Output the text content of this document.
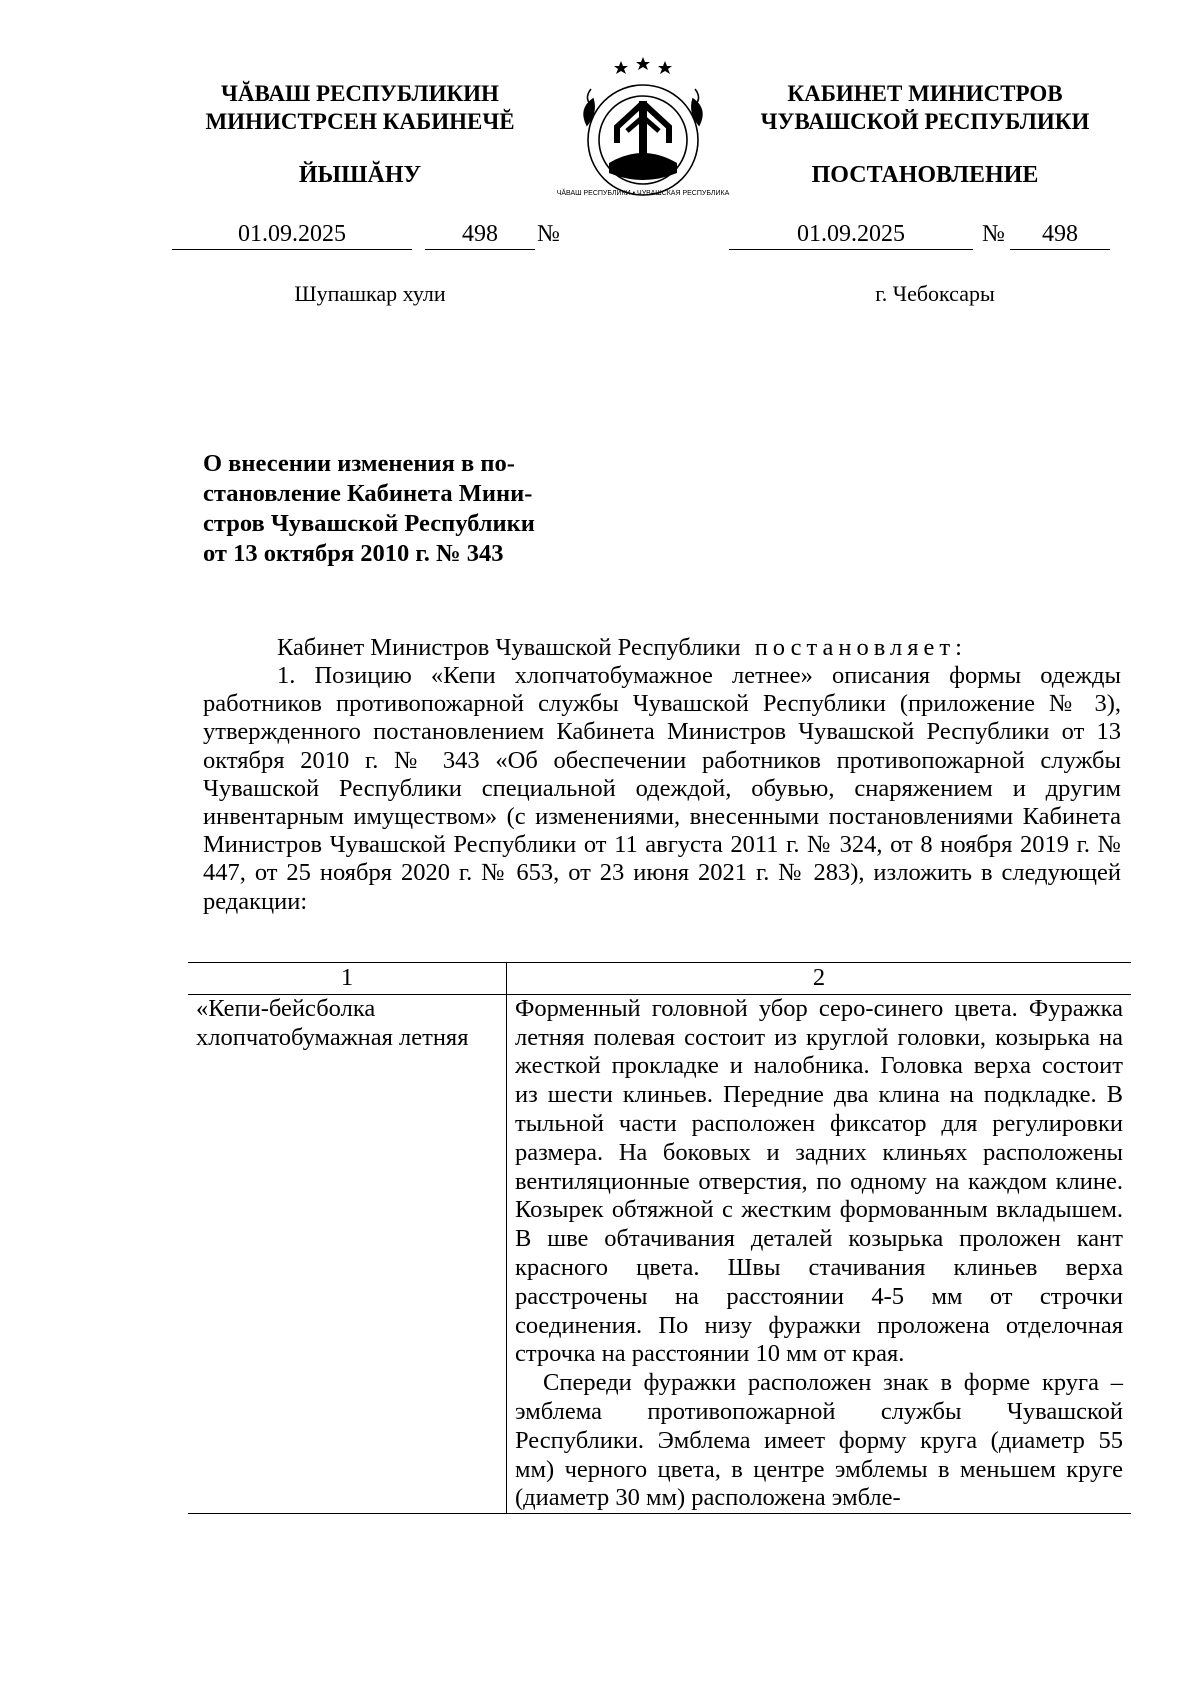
ЧĂВАШ РЕСПУБЛИКИН
МИНИСТРСЕН КАБИНЕЧĔ
ЙЫШĂНУ
01.09.2025	498	№
Шупашкар хули
ЧĂВАШ РЕСПУБЛИКИ • ЧУВАШСКАЯ РЕСПУБЛИКА
КАБИНЕТ МИНИСТРОВ
ЧУВАШСКОЙ РЕСПУБЛИКИ
ПОСТАНОВЛЕНИЕ
01.09.2025	№	498
г. Чебоксары
О внесении изменения в по-
становление Кабинета Мини-
стров Чувашской Республики
от 13 октября 2010 г. № 343
Кабинет Министров Чувашской Республики постановляет:
1. Позицию «Кепи хлопчатобумажное летнее» описания формы одежды работников противопожарной службы Чувашской Республики (приложение № 3), утвержденного постановлением Кабинета Министров Чувашской Республики от 13 октября 2010 г. № 343 «Об обеспечении работников противопожарной службы Чувашской Республики специальной одеждой, обувью, снаряжением и другим инвентарным имуществом» (с изменениями, внесенными постановлениями Кабинета Министров Чувашской Республики от 11 августа 2011 г. № 324, от 8 ноября 2019 г. № 447, от 25 ноября 2020 г. № 653, от 23 июня 2021 г. № 283), изложить в следующей редакции:
1	2
«Кепи-бейсболка хлопчатобумажная летняя	Форменный головной убор серо-синего цвета. Фуражка летняя полевая состоит из круглой головки, козырька на жесткой прокладке и налобника. Головка верха состоит из шести клиньев. Передние два клина на подкладке. В тыльной части расположен фиксатор для регулировки размера. На боковых и задних клиньях расположены вентиляционные отверстия, по одному на каждом клине. Козырек обтяжной с жестким формованным вкладышем. В шве обтачивания деталей козырька проложен кант красного цвета. Швы стачивания клиньев верха расстрочены на расстоянии 4-5 мм от строчки соединения. По низу фуражки проложена отделочная строчка на расстоянии 10 мм от края.
Спереди фуражки расположен знак в форме круга – эмблема противопожарной службы Чувашской Республики. Эмблема имеет форму круга (диаметр 55 мм) черного цвета, в центре эмблемы в меньшем круге (диаметр 30 мм) расположена эмбле-
